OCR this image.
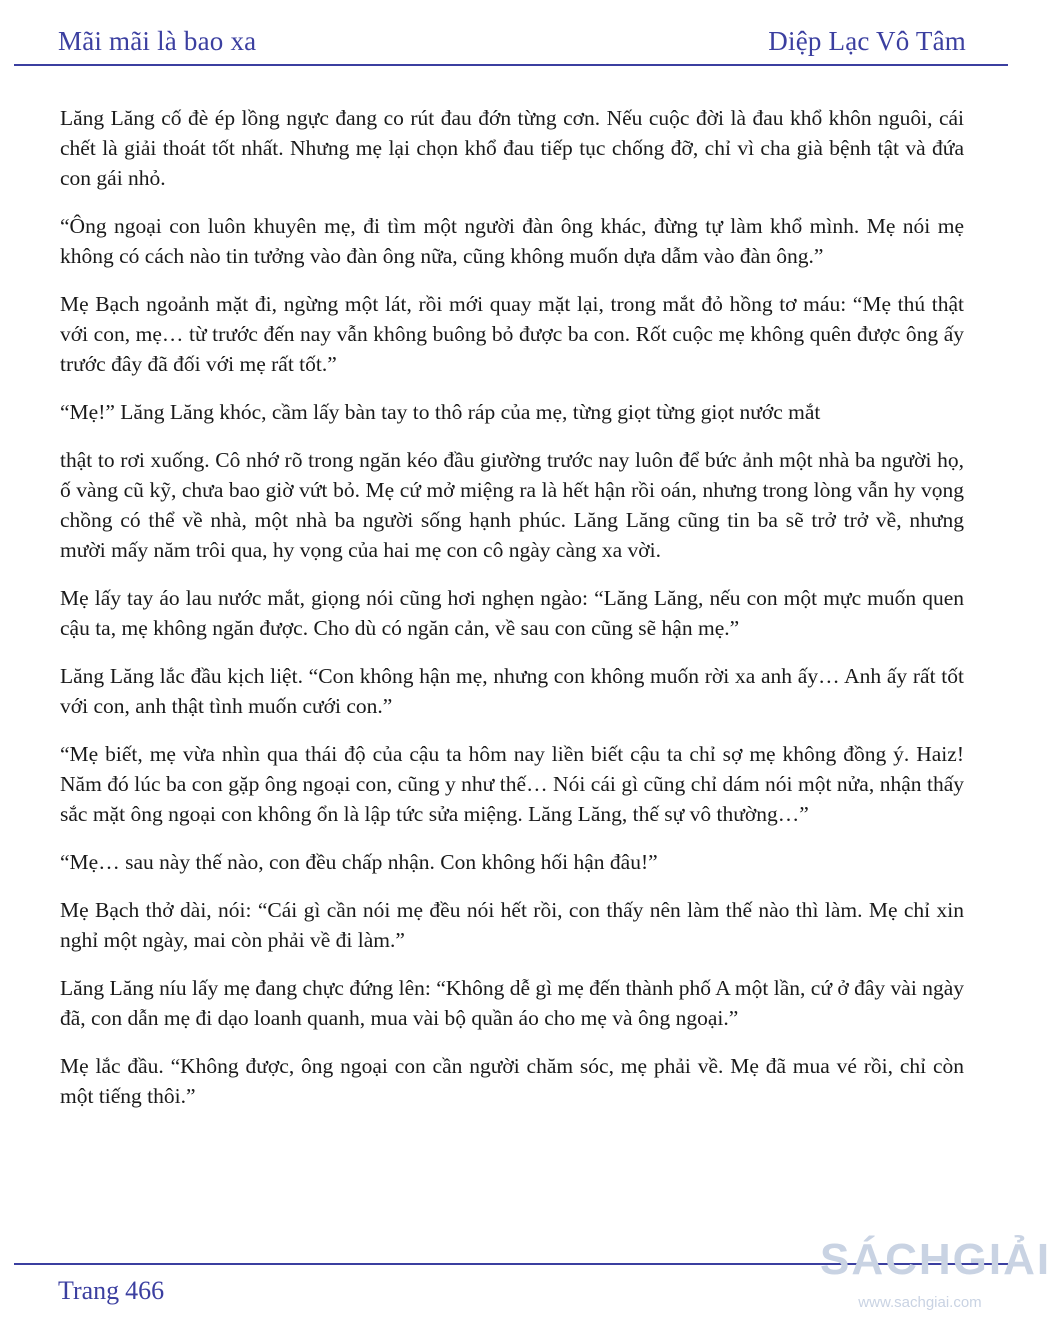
Mãi mãi là bao xa	Diệp Lạc Vô Tâm

Lăng Lăng cố đè ép lồng ngực đang co rút đau đớn từng cơn. Nếu cuộc đời là đau khổ khôn nguôi, cái chết là giải thoát tốt nhất. Nhưng mẹ lại chọn khổ đau tiếp tục chống đỡ, chỉ vì cha già bệnh tật và đứa con gái nhỏ.

“Ông ngoại con luôn khuyên mẹ, đi tìm một người đàn ông khác, đừng tự làm khổ mình. Mẹ nói mẹ không có cách nào tin tưởng vào đàn ông nữa, cũng không muốn dựa dẫm vào đàn ông.”

Mẹ Bạch ngoảnh mặt đi, ngừng một lát, rồi mới quay mặt lại, trong mắt đỏ hồng tơ máu: “Mẹ thú thật với con, mẹ… từ trước đến nay vẫn không buông bỏ được ba con. Rốt cuộc mẹ không quên được ông ấy trước đây đã đối với mẹ rất tốt.”

“Mẹ!” Lăng Lăng khóc, cầm lấy bàn tay to thô ráp của mẹ, từng giọt từng giọt nước mắt

thật to rơi xuống. Cô nhớ rõ trong ngăn kéo đầu giường trước nay luôn để bức ảnh một nhà ba người họ, ố vàng cũ kỹ, chưa bao giờ vứt bỏ. Mẹ cứ mở miệng ra là hết hận rồi oán, nhưng trong lòng vẫn hy vọng chồng có thể về nhà, một nhà ba người sống hạnh phúc. Lăng Lăng cũng tin ba sẽ trở trở về, nhưng mười mấy năm trôi qua, hy vọng của hai mẹ con cô ngày càng xa vời.

Mẹ lấy tay áo lau nước mắt, giọng nói cũng hơi nghẹn ngào: “Lăng Lăng, nếu con một mực muốn quen cậu ta, mẹ không ngăn được. Cho dù có ngăn cản, về sau con cũng sẽ hận mẹ.”

Lăng Lăng lắc đầu kịch liệt. “Con không hận mẹ, nhưng con không muốn rời xa anh ấy… Anh ấy rất tốt với con, anh thật tình muốn cưới con.”

“Mẹ biết, mẹ vừa nhìn qua thái độ của cậu ta hôm nay liền biết cậu ta chỉ sợ mẹ không đồng ý. Haiz! Năm đó lúc ba con gặp ông ngoại con, cũng y như thế… Nói cái gì cũng chỉ dám nói một nửa, nhận thấy sắc mặt ông ngoại con không ổn là lập tức sửa miệng. Lăng Lăng, thế sự vô thường…”

“Mẹ… sau này thế nào, con đều chấp nhận. Con không hối hận đâu!”

Mẹ Bạch thở dài, nói: “Cái gì cần nói mẹ đều nói hết rồi, con thấy nên làm thế nào thì làm. Mẹ chỉ xin nghỉ một ngày, mai còn phải về đi làm.”

Lăng Lăng níu lấy mẹ đang chực đứng lên: “Không dễ gì mẹ đến thành phố A một lần, cứ ở đây vài ngày đã, con dẫn mẹ đi dạo loanh quanh, mua vài bộ quần áo cho mẹ và ông ngoại.”

Mẹ lắc đầu. “Không được, ông ngoại con cần người chăm sóc, mẹ phải về. Mẹ đã mua vé rồi, chỉ còn một tiếng thôi.”

Trang 466
SÁCHGIẢI
www.sachgiai.com
